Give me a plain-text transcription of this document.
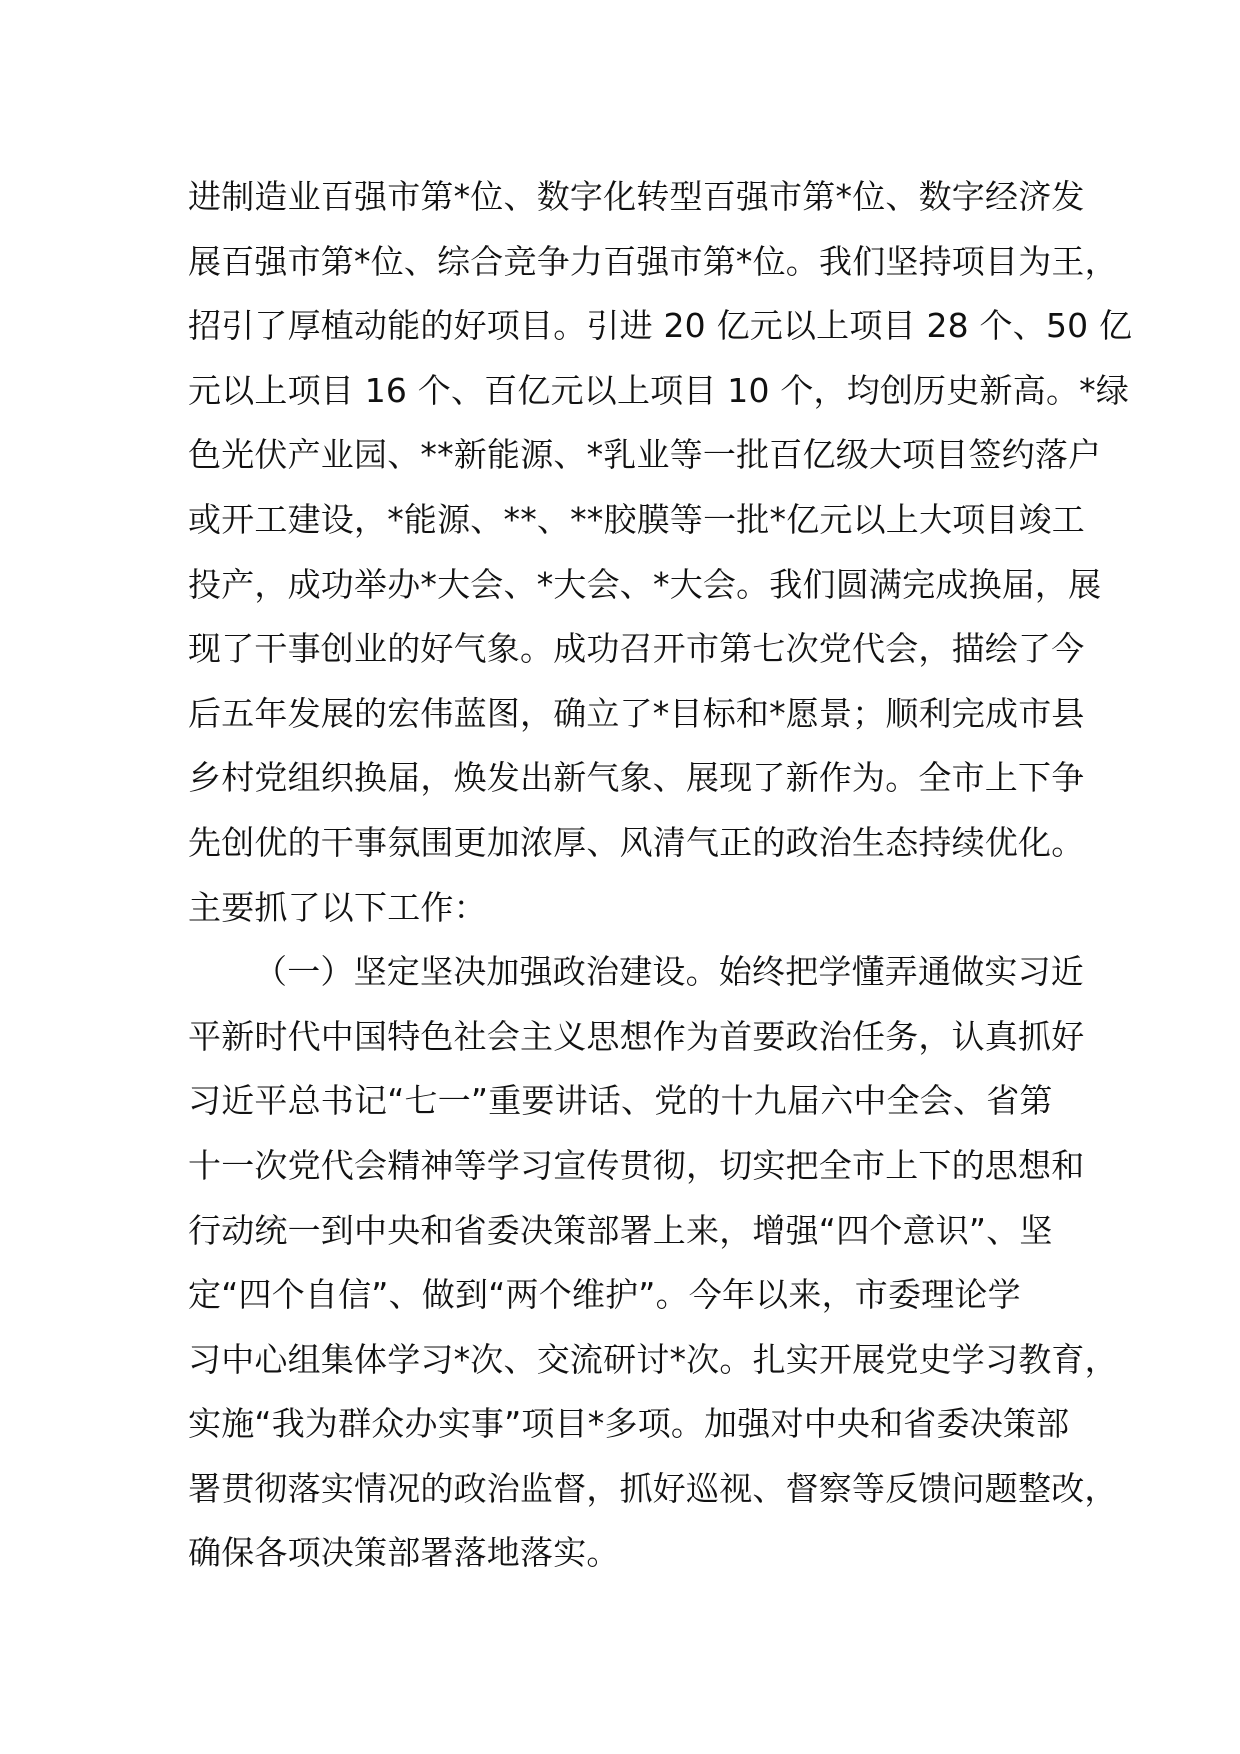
进制造业百强市第*位、数字化转型百强市第*位、数字经济发
展百强市第*位、综合竞争力百强市第*位。我们坚持项目为王，
招引了厚植动能的好项目。引进 20 亿元以上项目 28 个、50 亿
元以上项目 16 个、百亿元以上项目 10 个，均创历史新高。*绿
色光伏产业园、**新能源、*乳业等一批百亿级大项目签约落户
或开工建设，*能源、**、**胶膜等一批*亿元以上大项目竣工
投产，成功举办*大会、*大会、*大会。我们圆满完成换届，展
现了干事创业的好气象。成功召开市第七次党代会，描绘了今
后五年发展的宏伟蓝图，确立了*目标和*愿景；顺利完成市县
乡村党组织换届，焕发出新气象、展现了新作为。全市上下争
先创优的干事氛围更加浓厚、风清气正的政治生态持续优化。
主要抓了以下工作：
（一）坚定坚决加强政治建设。始终把学懂弄通做实习近
平新时代中国特色社会主义思想作为首要政治任务，认真抓好
习近平总书记“七一”重要讲话、党的十九届六中全会、省第
十一次党代会精神等学习宣传贯彻，切实把全市上下的思想和
行动统一到中央和省委决策部署上来，增强“四个意识”、坚
定“四个自信”、做到“两个维护”。今年以来，市委理论学
习中心组集体学习*次、交流研讨*次。扎实开展党史学习教育，
实施“我为群众办实事”项目*多项。加强对中央和省委决策部
署贯彻落实情况的政治监督，抓好巡视、督察等反馈问题整改，
确保各项决策部署落地落实。
